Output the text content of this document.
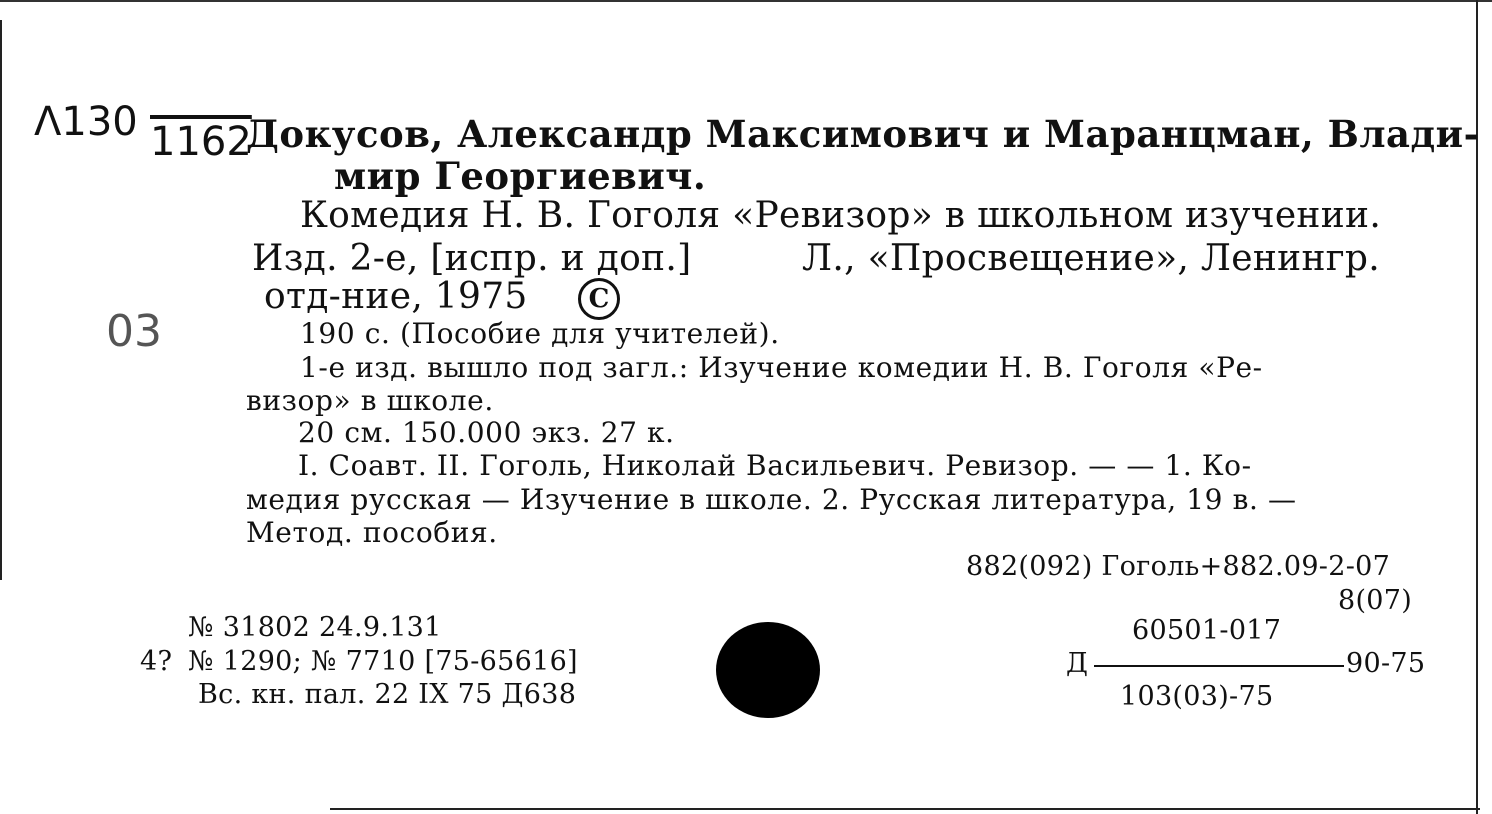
Λ130 1162
03
Докусов, Александр Максимович и Маранцман, Влади-
мир Георгиевич.
Комедия Н. В. Гоголя «Ревизор» в школьном изучении.
Изд. 2-е, [испр. и доп.]	Л., «Просвещение», Ленингр.
отд-ние, 1975	C
190 с. (Пособие для учителей).
1-е изд. вышло под загл.: Изучение комедии Н. В. Гоголя «Ре-
визор» в школе.
20 см. 150.000 экз. 27 к.
I. Соавт. II. Гоголь, Николай Васильевич. Ревизор. — — 1. Ко-
медия русская — Изучение в школе. 2. Русская литература, 19 в. —
Метод. пособия.
882(092) Гоголь+882.09-2-07
8(07)
№ 31802 24.9.131
4? № 1290; № 7710 [75-65616]
Вс. кн. пал. 22 IX 75 Д638
60501-017
Д	90-75
103(03)-75
